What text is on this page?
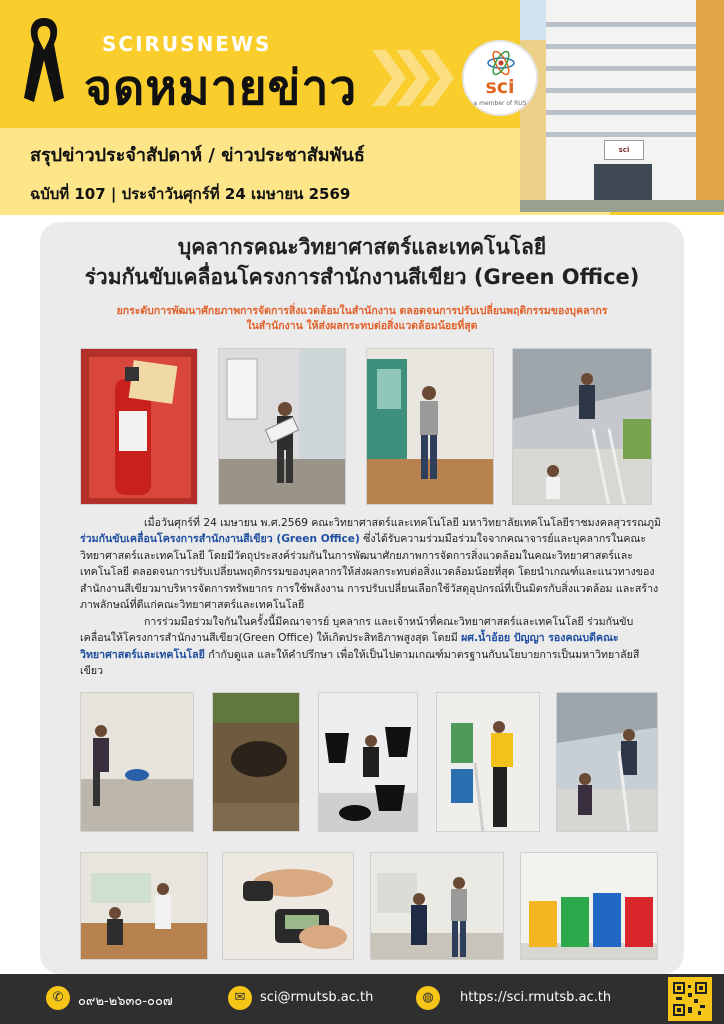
SCIRUSNEWS
จดหมายข่าว
สรุปข่าวประจำสัปดาห์ / ข่าวประชาสัมพันธ์
ฉบับที่ 107 | ประจำวันศุกร์ที่ 24 เมษายน 2569
sci
sci
a member of RUS
บุคลากรคณะวิทยาศาสตร์และเทคโนโลยี
ร่วมกันขับเคลื่อนโครงการสำนักงานสีเขียว (Green Office)
ยกระดับการพัฒนาศักยภาพการจัดการสิ่งแวดล้อมในสำนักงาน ตลอดจนการปรับเปลี่ยนพฤติกรรมของบุคลากร
ในสำนักงาน ให้ส่งผลกระทบต่อสิ่งแวดล้อมน้อยที่สุด
เมื่อวันศุกร์ที่ 24 เมษายน พ.ศ.2569 คณะวิทยาศาสตร์และเทคโนโลยี มหาวิทยาลัยเทคโนโลยีราชมงคลสุวรรณภูมิ ร่วมกันขับเคลื่อนโครงการสำนักงานสีเขียว (Green Office) ซึ่งได้รับความร่วมมือร่วมใจจากคณาจารย์และบุคลากรในคณะวิทยาศาสตร์และเทคโนโลยี โดยมีวัตถุประสงค์ร่วมกันในการพัฒนาศักยภาพการจัดการสิ่งแวดล้อมในคณะวิทยาศาสตร์และเทคโนโลยี ตลอดจนการปรับเปลี่ยนพฤติกรรมของบุคลากรให้ส่งผลกระทบต่อสิ่งแวดล้อมน้อยที่สุด โดยนำเกณฑ์และแนวทางของสำนักงานสีเขียวมาบริหารจัดการทรัพยากร การใช้พลังงาน การปรับเปลี่ยนเลือกใช้วัสดุอุปกรณ์ที่เป็นมิตรกับสิ่งแวดล้อม และสร้างภาพลักษณ์ที่ดีแก่คณะวิทยาศาสตร์และเทคโนโลยี
การร่วมมือร่วมใจกันในครั้งนี้มีคณาจารย์ บุคลากร และเจ้าหน้าที่คณะวิทยาศาสตร์และเทคโนโลยี ร่วมกันขับเคลื่อนให้โครงการสำนักงานสีเขียว(Green Office) ให้เกิดประสิทธิภาพสูงสุด โดยมี ผศ.น้ำอ้อย ปัญญา รองคณบดีคณะวิทยาศาสตร์และเทคโนโลยี กำกับดูแล และให้คำปรึกษา เพื่อให้เป็นไปตามเกณฑ์มาตรฐานกับนโยบายการเป็นมหาวิทยาลัยสีเขียว
✆	๐๙๒-๒๖๓๐-๐๐๗	✉	sci@rmutsb.ac.th	◍	https://sci.rmutsb.ac.th
